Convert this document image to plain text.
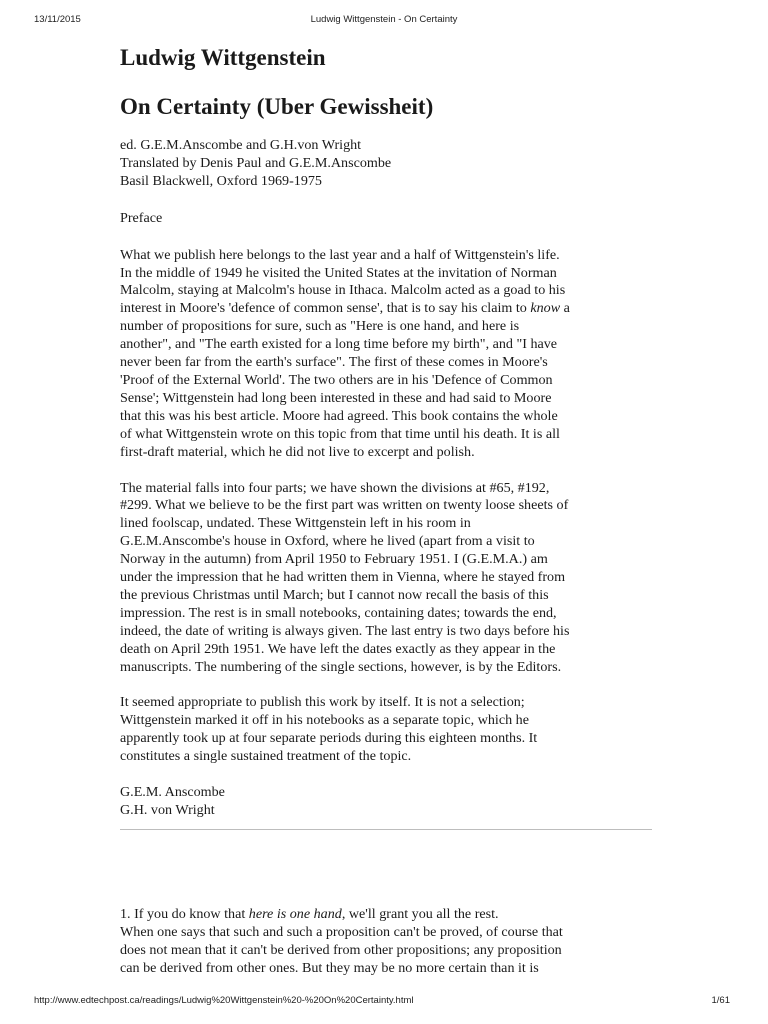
13/11/2015	Ludwig Wittgenstein - On Certainty
Ludwig Wittgenstein
On Certainty (Uber Gewissheit)

ed. G.E.M.Anscombe and G.H.von Wright
Translated by Denis Paul and G.E.M.Anscombe
Basil Blackwell, Oxford 1969-1975

Preface

What we publish here belongs to the last year and a half of Wittgenstein's life.
In the middle of 1949 he visited the United States at the invitation of Norman
Malcolm, staying at Malcolm's house in Ithaca. Malcolm acted as a goad to his
interest in Moore's 'defence of common sense', that is to say his claim to know a
number of propositions for sure, such as "Here is one hand, and here is
another", and "The earth existed for a long time before my birth", and "I have
never been far from the earth's surface". The first of these comes in Moore's
'Proof of the External World'. The two others are in his 'Defence of Common
Sense'; Wittgenstein had long been interested in these and had said to Moore
that this was his best article. Moore had agreed. This book contains the whole
of what Wittgenstein wrote on this topic from that time until his death. It is all
first-draft material, which he did not live to excerpt and polish.

The material falls into four parts; we have shown the divisions at #65, #192,
#299. What we believe to be the first part was written on twenty loose sheets of
lined foolscap, undated. These Wittgenstein left in his room in
G.E.M.Anscombe's house in Oxford, where he lived (apart from a visit to
Norway in the autumn) from April 1950 to February 1951. I (G.E.M.A.) am
under the impression that he had written them in Vienna, where he stayed from
the previous Christmas until March; but I cannot now recall the basis of this
impression. The rest is in small notebooks, containing dates; towards the end,
indeed, the date of writing is always given. The last entry is two days before his
death on April 29th 1951. We have left the dates exactly as they appear in the
manuscripts. The numbering of the single sections, however, is by the Editors.

It seemed appropriate to publish this work by itself. It is not a selection;
Wittgenstein marked it off in his notebooks as a separate topic, which he
apparently took up at four separate periods during this eighteen months. It
constitutes a single sustained treatment of the topic.

G.E.M. Anscombe
G.H. von Wright

1. If you do know that here is one hand, we'll grant you all the rest.
When one says that such and such a proposition can't be proved, of course that
does not mean that it can't be derived from other propositions; any proposition
can be derived from other ones. But they may be no more certain than it is

http://www.edtechpost.ca/readings/Ludwig%20Wittgenstein%20-%20On%20Certainty.html	1/61
